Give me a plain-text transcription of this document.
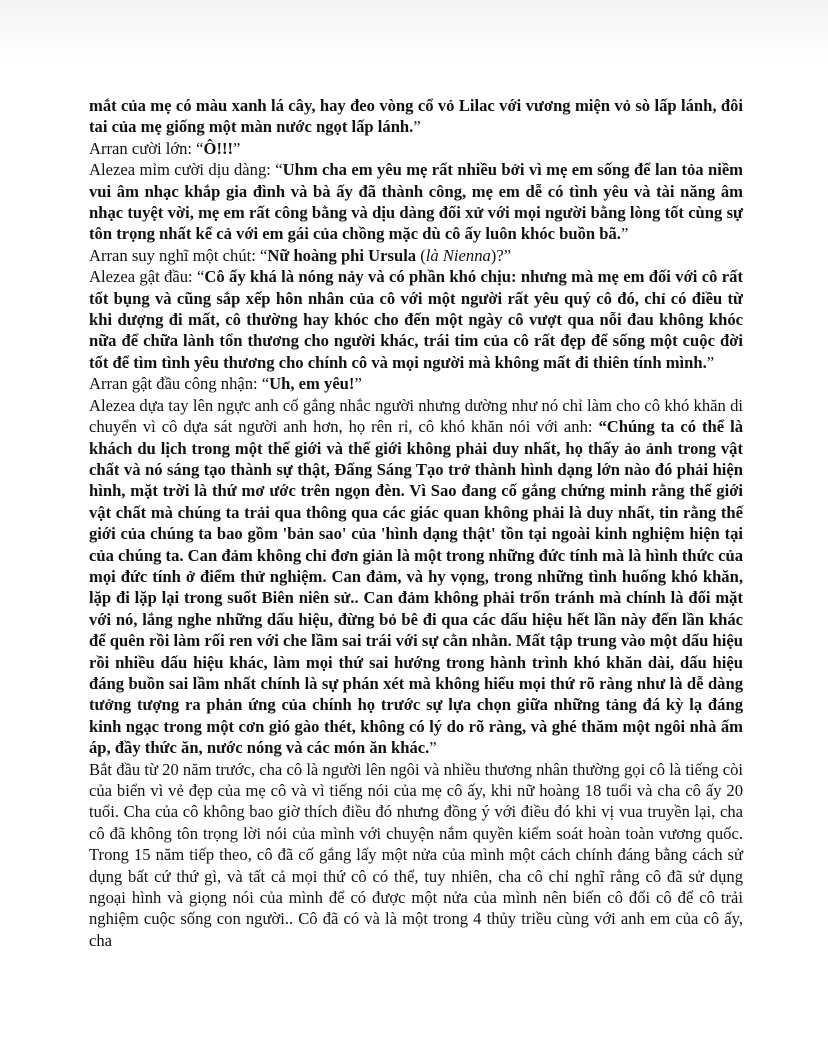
mắt của mẹ có màu xanh lá cây, hay đeo vòng cổ vỏ Lilac với vương miện vỏ sò lấp lánh, đôi tai của mẹ giống một màn nước ngọt lấp lánh.”

Arran cười lớn: “Ô!!!”

Alezea mỉm cười dịu dàng: “Uhm cha em yêu mẹ rất nhiều bởi vì mẹ em sống để lan tỏa niềm vui âm nhạc khắp gia đình và bà ấy đã thành công, mẹ em dễ có tình yêu và tài năng âm nhạc tuyệt vời, mẹ em rất công bằng và dịu dàng đối xử với mọi người bằng lòng tốt cùng sự tôn trọng nhất kể cả với em gái của chồng mặc dù cô ấy luôn khóc buồn bã.”

Arran suy nghĩ một chút: “Nữ hoàng phi Ursula (là Nienna)?”

Alezea gật đầu: “Cô ấy khá là nóng nảy và có phần khó chịu: nhưng mà mẹ em đối với cô rất tốt bụng và cũng sắp xếp hôn nhân của cô với một người rất yêu quý cô đó, chỉ có điều từ khi dượng đi mất, cô thường hay khóc cho đến một ngày cô vượt qua nỗi đau không khóc nữa để chữa lành tổn thương cho người khác, trái tim của cô rất đẹp để sống một cuộc đời tốt để tìm tình yêu thương cho chính cô và mọi người mà không mất đi thiên tính mình.”

Arran gật đầu công nhận: “Uh, em yêu!”

Alezea dựa tay lên ngực anh cố gắng nhắc người nhưng dường như nó chỉ làm cho cô khó khăn di chuyển vì cô dựa sát người anh hơn, họ rên rỉ, cô khó khăn nói với anh: “Chúng ta có thể là khách du lịch trong một thế giới và thế giới không phải duy nhất, họ thấy ảo ảnh trong vật chất và nó sáng tạo thành sự thật, Đấng Sáng Tạo trở thành hình dạng lớn nào đó phải hiện hình, mặt trời là thứ mơ ước trên ngọn đèn. Vì Sao đang cố gắng chứng minh rằng thế giới vật chất mà chúng ta trải qua thông qua các giác quan không phải là duy nhất, tin rằng thế giới của chúng ta bao gồm 'bản sao' của 'hình dạng thật' tồn tại ngoài kinh nghiệm hiện tại của chúng ta. Can đảm không chỉ đơn giản là một trong những đức tính mà là hình thức của mọi đức tính ở điểm thử nghiệm. Can đảm, và hy vọng, trong những tình huống khó khăn, lặp đi lặp lại trong suốt Biên niên sử.. Can đảm không phải trốn tránh mà chính là đối mặt với nó, lắng nghe những dấu hiệu, đừng bỏ bê đi qua các dấu hiệu hết lần này đến lần khác để quên rồi làm rối ren với che lầm sai trái với sự cằn nhằn. Mất tập trung vào một dấu hiệu rồi nhiều dấu hiệu khác, làm mọi thứ sai hướng trong hành trình khó khăn dài, dấu hiệu đáng buồn sai lầm nhất chính là sự phán xét mà không hiểu mọi thứ rõ ràng như là dễ dàng tưởng tượng ra phản ứng của chính họ trước sự lựa chọn giữa những tảng đá kỳ lạ đáng kinh ngạc trong một cơn gió gào thét, không có lý do rõ ràng, và ghé thăm một ngôi nhà ấm áp, đầy thức ăn, nước nóng và các món ăn khác.”

Bắt đầu từ 20 năm trước, cha cô là người lên ngôi và nhiều thương nhân thường gọi cô là tiếng còi của biển vì vẻ đẹp của mẹ cô và vì tiếng nói của mẹ cô ấy, khi nữ hoàng 18 tuổi và cha cô ấy 20 tuổi. Cha của cô không bao giờ thích điều đó nhưng đồng ý với điều đó khi vị vua truyền lại, cha cô đã không tôn trọng lời nói của mình với chuyện nắm quyền kiểm soát hoàn toàn vương quốc. Trong 15 năm tiếp theo, cô đã cố gắng lấy một nửa của mình một cách chính đáng bằng cách sử dụng bất cứ thứ gì, và tất cả mọi thứ cô có thể, tuy nhiên, cha cô chỉ nghĩ rằng cô đã sử dụng ngoại hình và giọng nói của mình để có được một nửa của mình nên biến cô đổi cô để cô trải nghiệm cuộc sống con người.. Cô đã có và là một trong 4 thủy triều cùng với anh em của cô ấy, cha
